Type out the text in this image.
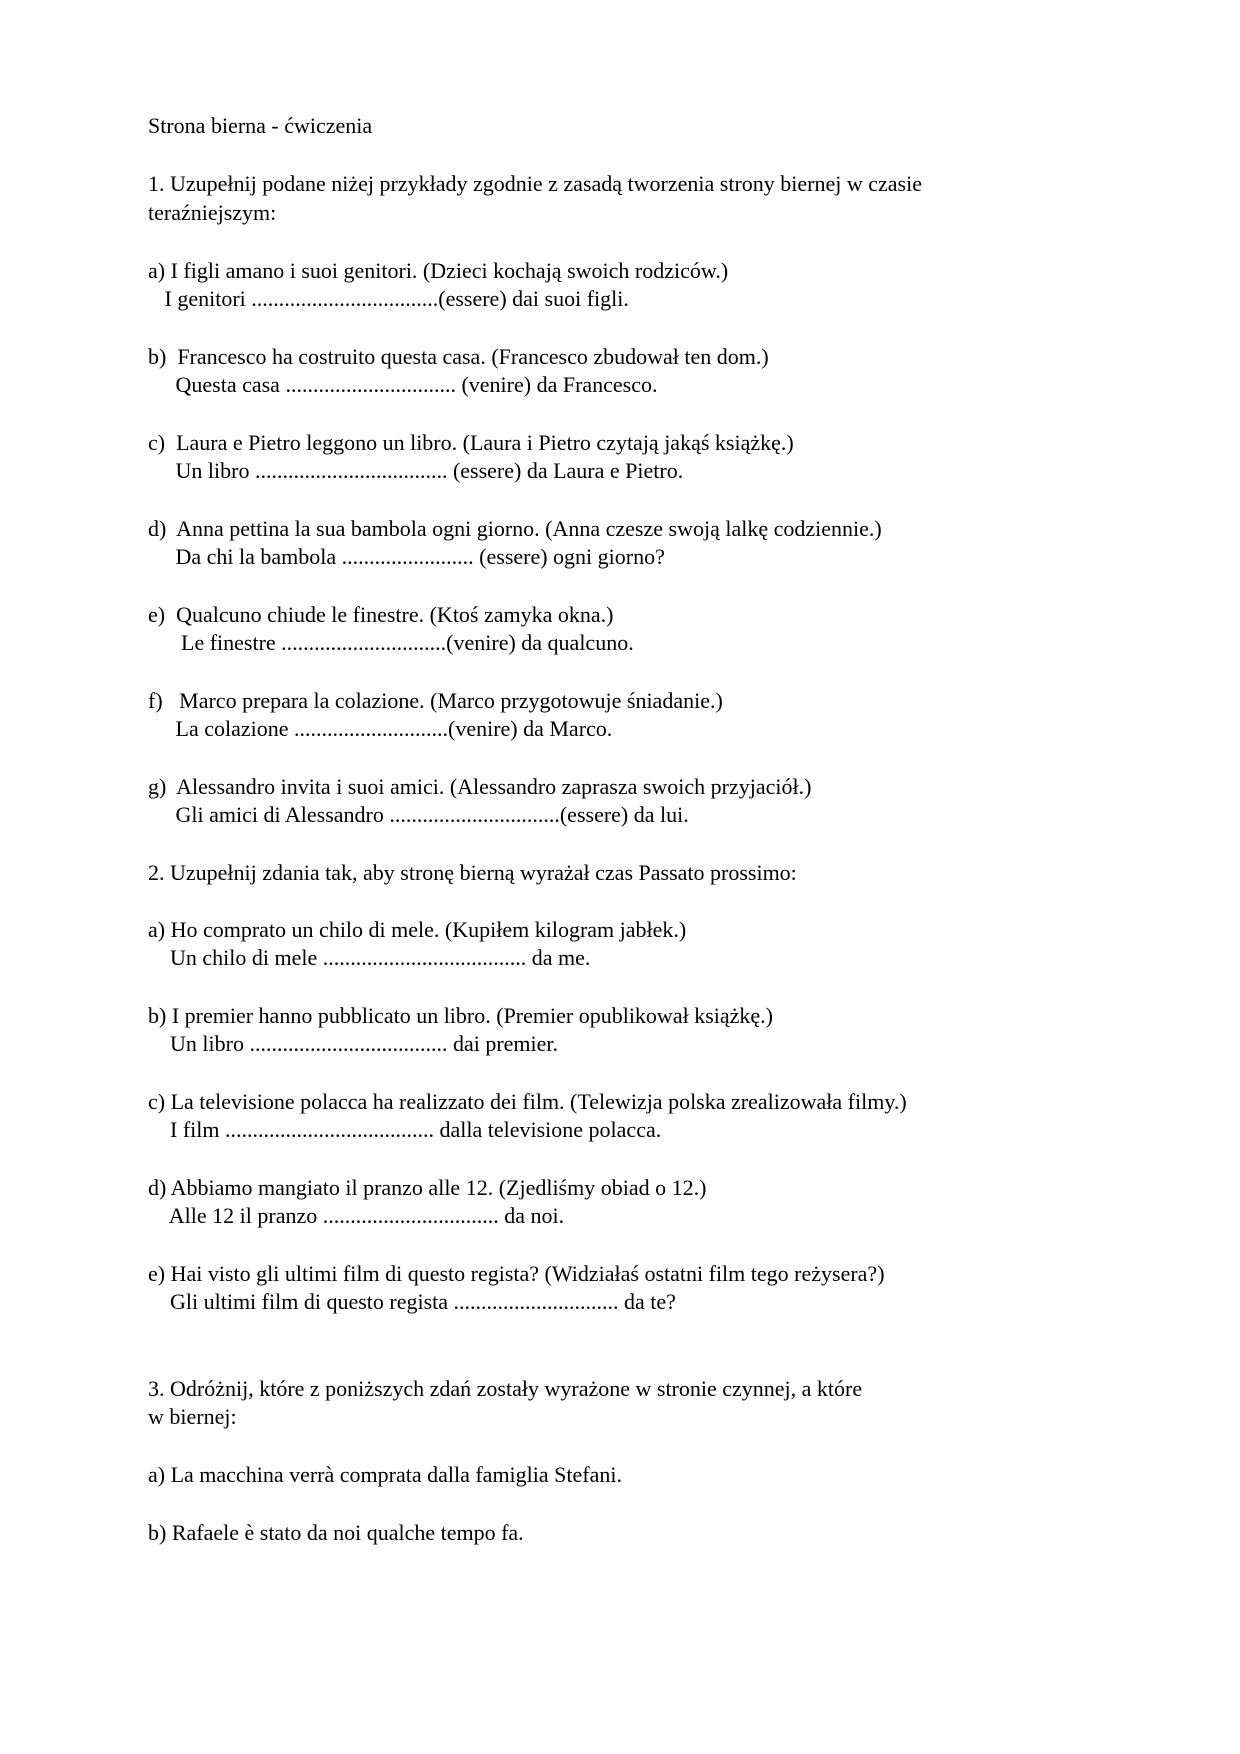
Strona bierna - ćwiczenia
1. Uzupełnij podane niżej przykłady zgodnie z zasadą tworzenia strony biernej w czasie
teraźniejszym:
a) I figli amano i suoi genitori. (Dzieci kochają swoich rodziców.)
I genitori ..................................(essere) dai suoi figli.
b)  Francesco ha costruito questa casa. (Francesco zbudował ten dom.)
Questa casa ............................... (venire) da Francesco.
c)  Laura e Pietro leggono un libro. (Laura i Pietro czytają jakąś książkę.)
Un libro ................................... (essere) da Laura e Pietro.
d)  Anna pettina la sua bambola ogni giorno. (Anna czesze swoją lalkę codziennie.)
Da chi la bambola ........................ (essere) ogni giorno?
e)  Qualcuno chiude le finestre. (Ktoś zamyka okna.)
Le finestre ..............................(venire) da qualcuno.
f)   Marco prepara la colazione. (Marco przygotowuje śniadanie.)
La colazione ............................(venire) da Marco.
g)  Alessandro invita i suoi amici. (Alessandro zaprasza swoich przyjaciół.)
Gli amici di Alessandro ...............................(essere) da lui.
2. Uzupełnij zdania tak, aby stronę bierną wyrażał czas Passato prossimo:
a) Ho comprato un chilo di mele. (Kupiłem kilogram jabłek.)
Un chilo di mele ..................................... da me.
b) I premier hanno pubblicato un libro. (Premier opublikował książkę.)
Un libro .................................... dai premier.
c) La televisione polacca ha realizzato dei film. (Telewizja polska zrealizowała filmy.)
I film ...................................... dalla televisione polacca.
d) Abbiamo mangiato il pranzo alle 12. (Zjedliśmy obiad o 12.)
Alle 12 il pranzo ................................ da noi.
e) Hai visto gli ultimi film di questo regista? (Widziałaś ostatni film tego reżysera?)
Gli ultimi film di questo regista .............................. da te?
3. Odróżnij, które z poniższych zdań zostały wyrażone w stronie czynnej, a które
w biernej:
a) La macchina verrà comprata dalla famiglia Stefani.
b) Rafaele è stato da noi qualche tempo fa.
